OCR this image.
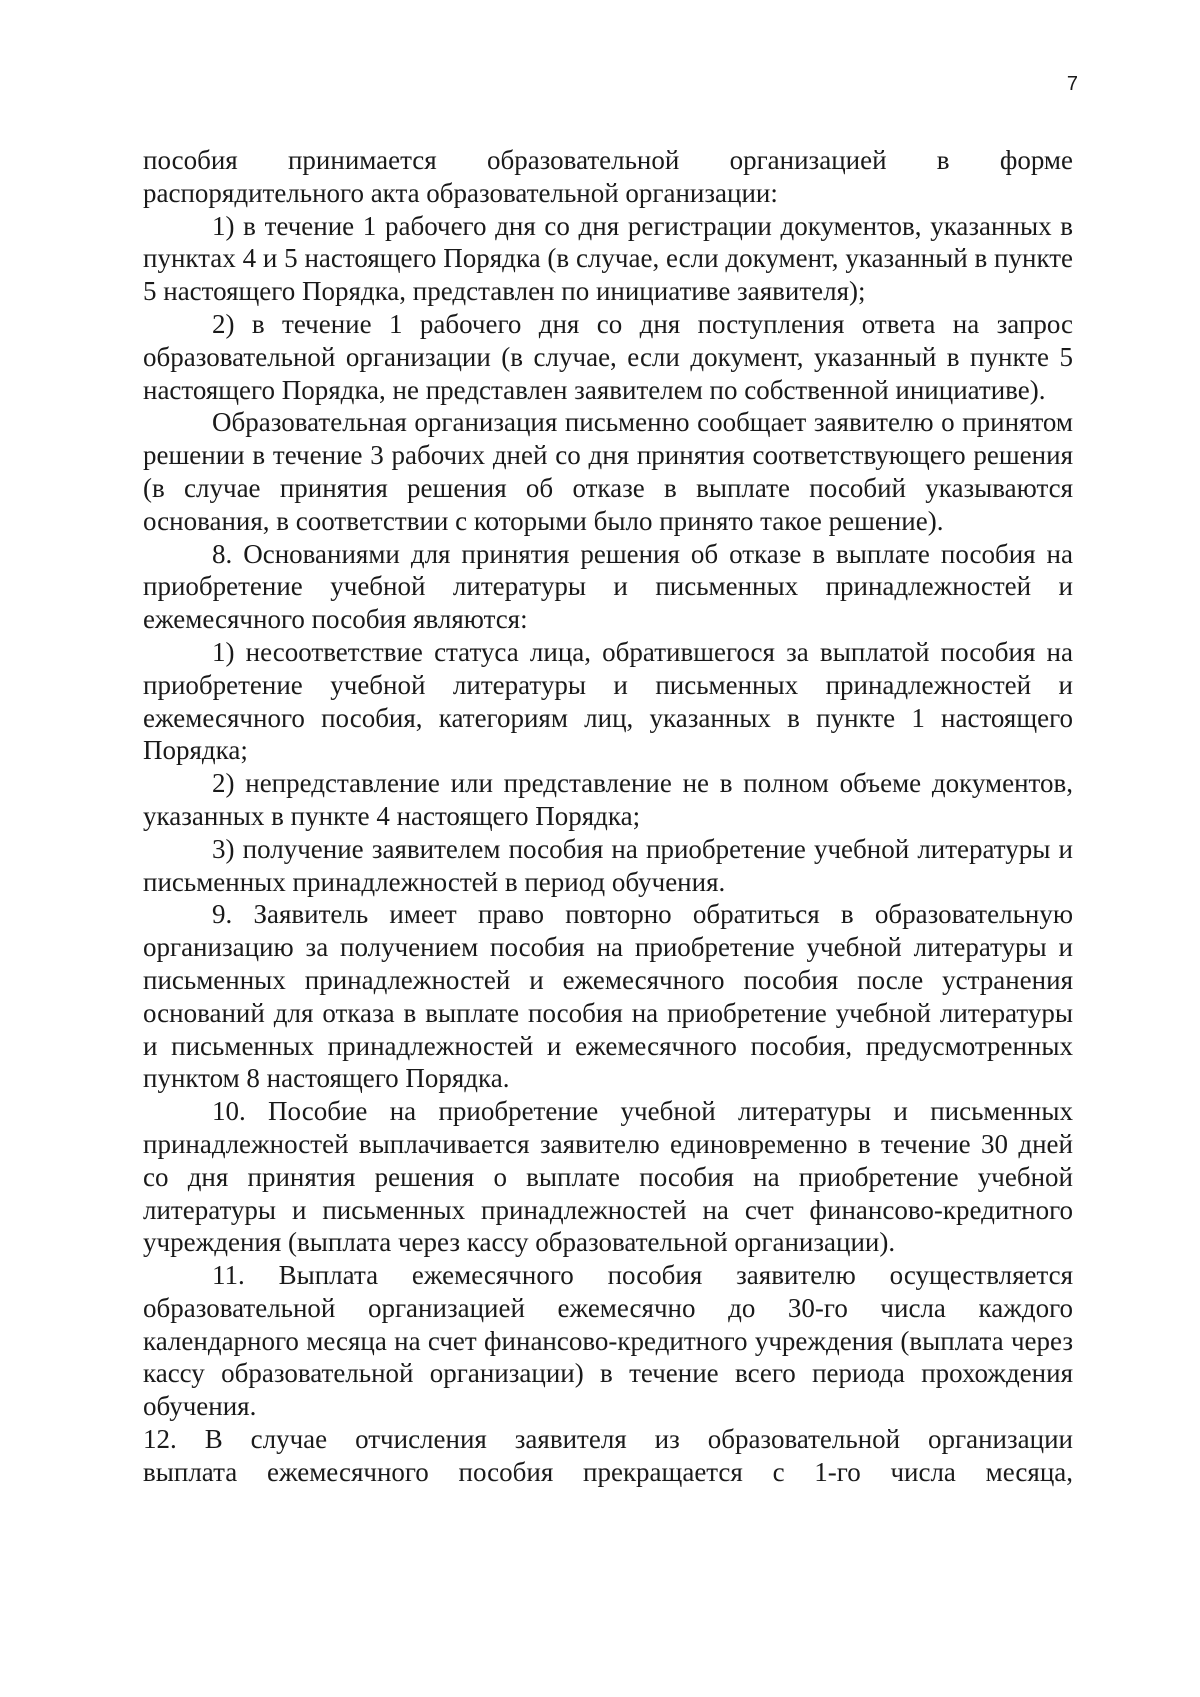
7

пособия принимается образовательной организацией в форме распорядительного акта образовательной организации:

1) в течение 1 рабочего дня со дня регистрации документов, указанных в пунктах 4 и 5 настоящего Порядка (в случае, если документ, указанный в пункте 5 настоящего Порядка, представлен по инициативе заявителя);

2) в течение 1 рабочего дня со дня поступления ответа на запрос образовательной организации (в случае, если документ, указанный в пункте 5 настоящего Порядка, не представлен заявителем по собственной инициативе).

Образовательная организация письменно сообщает заявителю о принятом решении в течение 3 рабочих дней со дня принятия соответствующего решения (в случае принятия решения об отказе в выплате пособий указываются основания, в соответствии с которыми было принято такое решение).

8. Основаниями для принятия решения об отказе в выплате пособия на приобретение учебной литературы и письменных принадлежностей и ежемесячного пособия являются:

1) несоответствие статуса лица, обратившегося за выплатой пособия на приобретение учебной литературы и письменных принадлежностей и ежемесячного пособия, категориям лиц, указанных в пункте 1 настоящего Порядка;

2) непредставление или представление не в полном объеме документов, указанных в пункте 4 настоящего Порядка;

3) получение заявителем пособия на приобретение учебной литературы и письменных принадлежностей в период обучения.

9. Заявитель имеет право повторно обратиться в образовательную организацию за получением пособия на приобретение учебной литературы и письменных принадлежностей и ежемесячного пособия после устранения оснований для отказа в выплате пособия на приобретение учебной литературы и письменных принадлежностей и ежемесячного пособия, предусмотренных пунктом 8 настоящего Порядка.

10. Пособие на приобретение учебной литературы и письменных принадлежностей выплачивается заявителю единовременно в течение 30 дней со дня принятия решения о выплате пособия на приобретение учебной литературы и письменных принадлежностей на счет финансово-кредитного учреждения (выплата через кассу образовательной организации).

11. Выплата ежемесячного пособия заявителю осуществляется образовательной организацией ежемесячно до 30-го числа каждого календарного месяца на счет финансово-кредитного учреждения (выплата через кассу образовательной организации) в течение всего периода прохождения обучения.

12. В случае отчисления заявителя из образовательной организации

выплата ежемесячного пособия прекращается с 1-го числа месяца,
